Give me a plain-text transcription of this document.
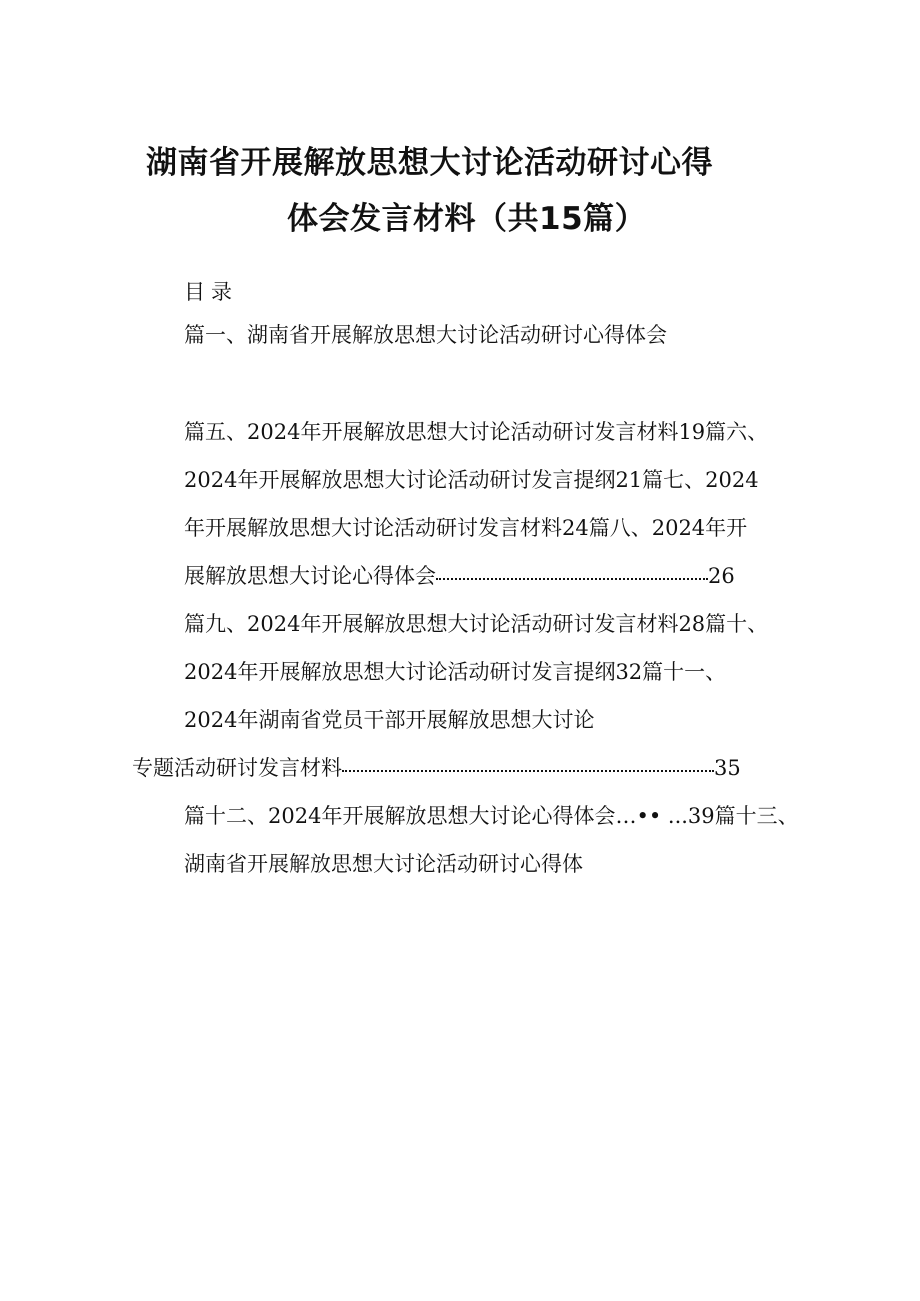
湖南省开展解放思想大讨论活动研讨心得
体会发言材料（共15篇）
目录
篇一、湖南省开展解放思想大讨论活动研讨心得体会
篇五、2024年开展解放思想大讨论活动研讨发言材料19篇六、
2024年开展解放思想大讨论活动研讨发言提纲21篇七、2024
年开展解放思想大讨论活动研讨发言材料24篇八、2024年开
展解放思想大讨论心得体会	26
篇九、2024年开展解放思想大讨论活动研讨发言材料28篇十、
2024年开展解放思想大讨论活动研讨发言提纲32篇十一、
2024年湖南省党员干部开展解放思想大讨论
专题活动研讨发言材料	35
篇十二、2024年开展解放思想大讨论心得体会…•• ...39篇十三、
湖南省开展解放思想大讨论活动研讨心得体
